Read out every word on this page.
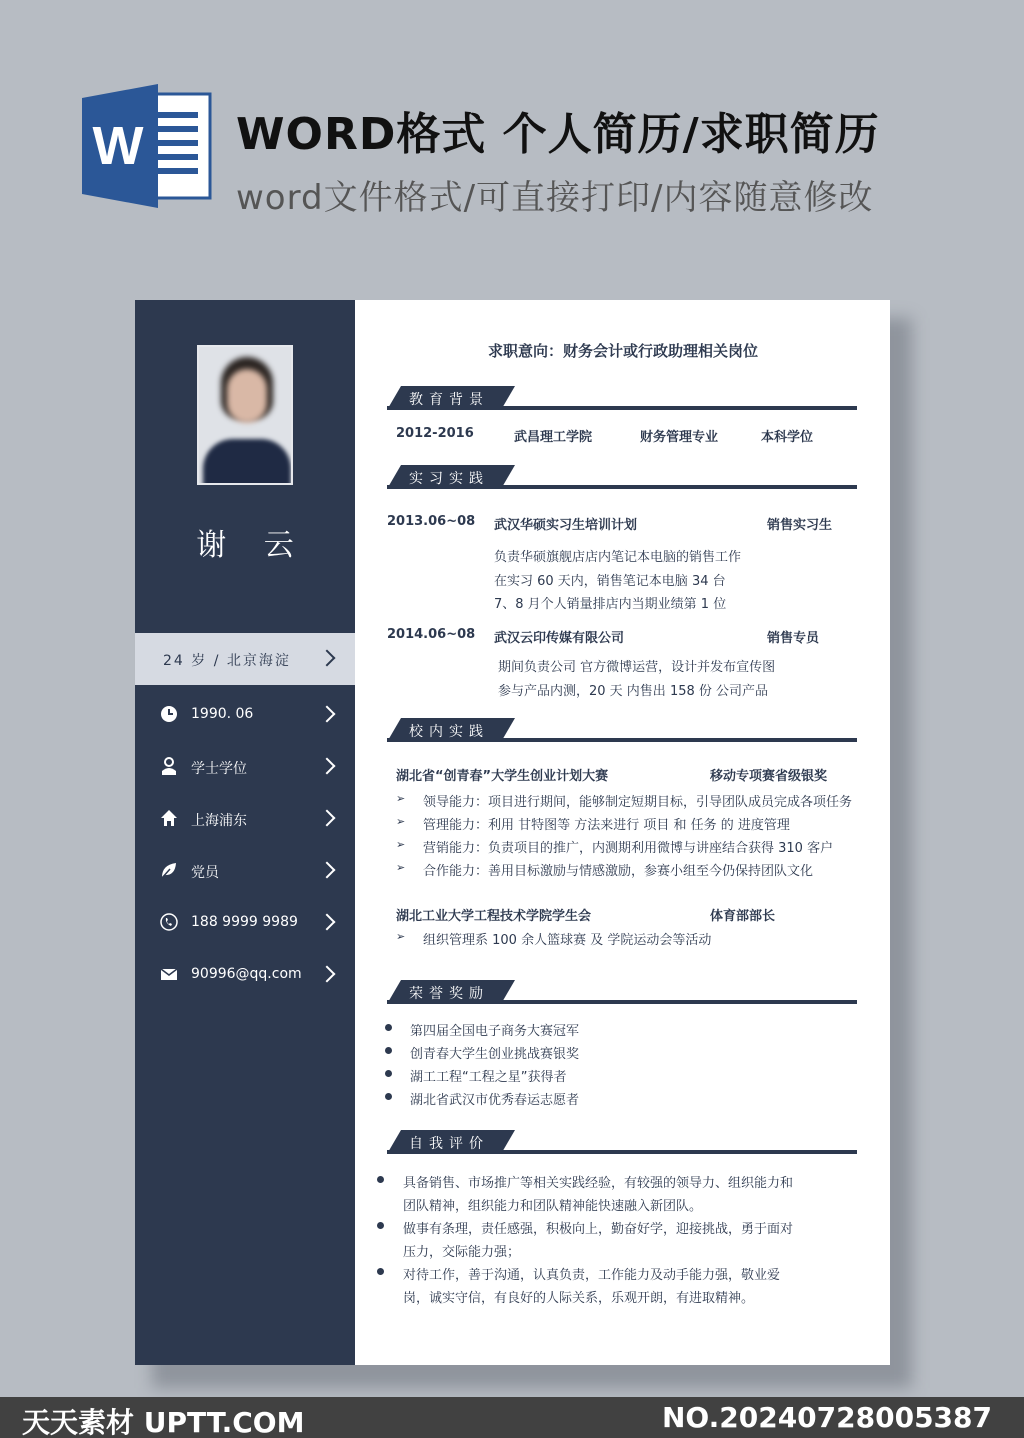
W WORD格式 个人简历/求职简历
word文件格式/可直接打印/内容随意修改
谢 云
24 岁 / 北京海淀
1990. 06
学士学位
上海浦东
党员
188 9999 9989
90996@qq.com
求职意向：财务会计或行政助理相关岗位
教育背景
2012-2016	武昌理工学院	财务管理专业	本科学位
实习实践
2013.06~08 武汉华硕实习生培训计划	销售实习生
负责华硕旗舰店店内笔记本电脑的销售工作
在实习 60 天内，销售笔记本电脑 34 台
7、8 月个人销量排店内当期业绩第 1 位
2014.06~08 武汉云印传媒有限公司	销售专员
期间负责公司 官方微博运营，设计并发布宣传图
参与产品内测，20 天 内售出 158 份 公司产品
校内实践
湖北省“创青春”大学生创业计划大赛	移动专项赛省级银奖
➢ 领导能力：项目进行期间，能够制定短期目标，引导团队成员完成各项任务
➢ 管理能力：利用 甘特图等 方法来进行 项目 和 任务 的 进度管理
➢ 营销能力：负责项目的推广，内测期利用微博与讲座结合获得 310 客户
➢ 合作能力：善用目标激励与情感激励，参赛小组至今仍保持团队文化
湖北工业大学工程技术学院学生会	体育部部长
➢ 组织管理系 100 余人篮球赛 及 学院运动会等活动
荣誉奖励
第四届全国电子商务大赛冠军
创青春大学生创业挑战赛银奖
湖工工程“工程之星”获得者
湖北省武汉市优秀春运志愿者
自我评价
具备销售、市场推广等相关实践经验，有较强的领导力、组织能力和
团队精神，组织能力和团队精神能快速融入新团队。
做事有条理，责任感强，积极向上，勤奋好学，迎接挑战，勇于面对
压力，交际能力强；
对待工作，善于沟通，认真负责，工作能力及动手能力强，敬业爱
岗，诚实守信，有良好的人际关系，乐观开朗，有进取精神。
天天素材 UPTT.COM	NO.20240728005387
